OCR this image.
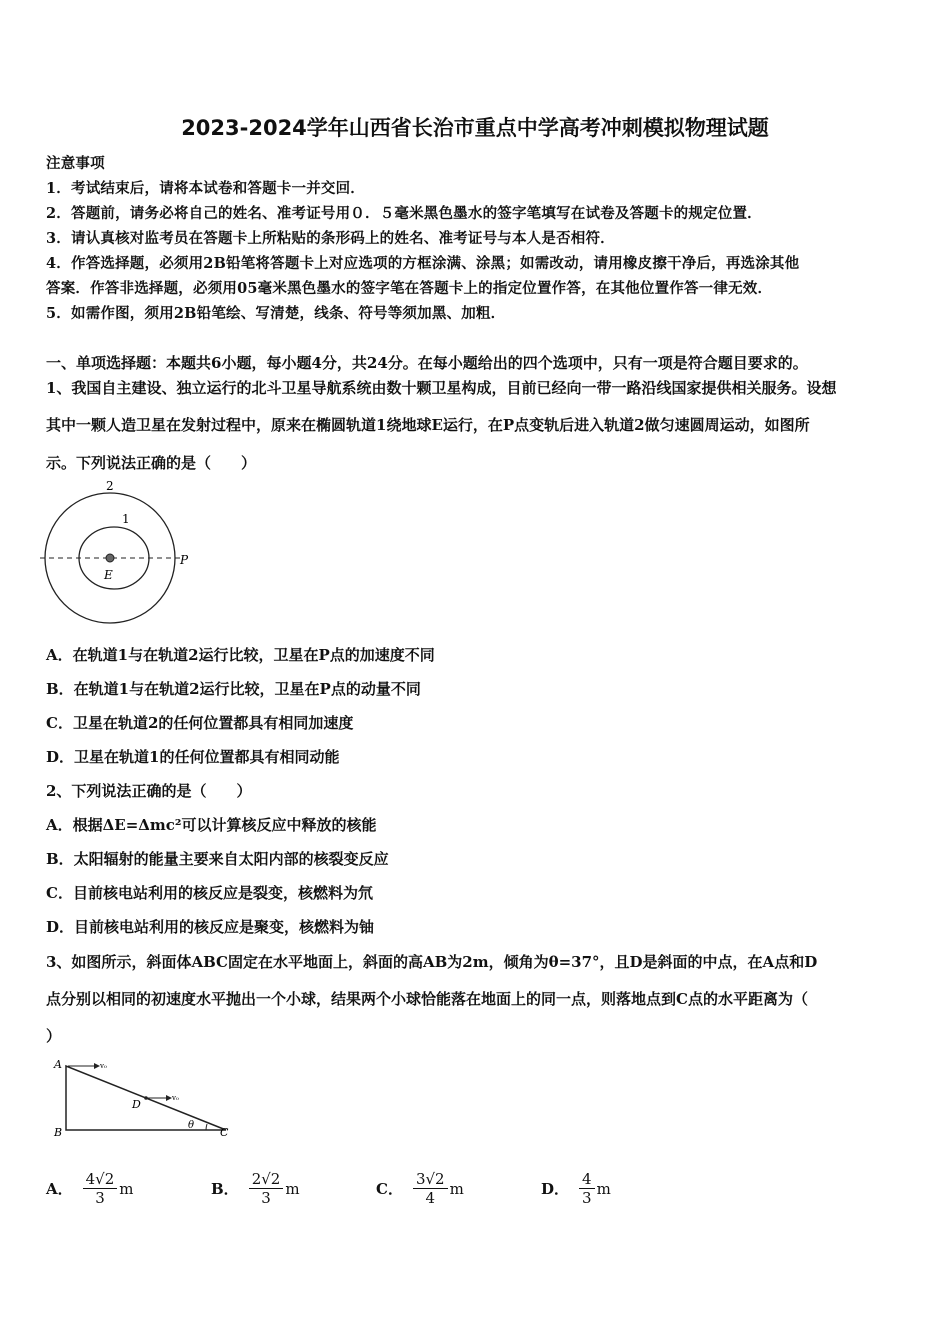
2023-2024学年山西省长治市重点中学高考冲刺模拟物理试题
注意事项
1．考试结束后，请将本试卷和答题卡一并交回．
2．答题前，请务必将自己的姓名、准考证号用０．５毫米黑色墨水的签字笔填写在试卷及答题卡的规定位置．
3．请认真核对监考员在答题卡上所粘贴的条形码上的姓名、准考证号与本人是否相符．
4．作答选择题，必须用2B铅笔将答题卡上对应选项的方框涂满、涂黑；如需改动，请用橡皮擦干净后，再选涂其他
答案．作答非选择题，必须用05毫米黑色墨水的签字笔在答题卡上的指定位置作答，在其他位置作答一律无效．
5．如需作图，须用2B铅笔绘、写清楚，线条、符号等须加黑、加粗．
一、单项选择题：本题共6小题，每小题4分，共24分。在每小题给出的四个选项中，只有一项是符合题目要求的。
1、我国自主建设、独立运行的北斗卫星导航系统由数十颗卫星构成，目前已经向一带一路沿线国家提供相关服务。设想
其中一颗人造卫星在发射过程中，原来在椭圆轨道1绕地球E运行，在P点变轨后进入轨道2做匀速圆周运动，如图所
示。下列说法正确的是（　　）
2
1
E
P
A．在轨道1与在轨道2运行比较，卫星在P点的加速度不同
B．在轨道1与在轨道2运行比较，卫星在P点的动量不同
C．卫星在轨道2的任何位置都具有相同加速度
D．卫星在轨道1的任何位置都具有相同动能
2、下列说法正确的是（　　）
A．根据ΔE=Δmc²可以计算核反应中释放的核能
B．太阳辐射的能量主要来自太阳内部的核裂变反应
C．目前核电站利用的核反应是裂变，核燃料为氘
D．目前核电站利用的核反应是聚变，核燃料为铀
3、如图所示，斜面体ABC固定在水平地面上，斜面的高AB为2m，倾角为θ=37°，且D是斜面的中点，在A点和D
点分别以相同的初速度水平抛出一个小球，结果两个小球恰能落在地面上的同一点，则落地点到C点的水平距离为（
）
A
B	C
D
θ
v₀
v₀
A． $\frac{4√2}{3}$ m	B． $\frac{2√2}{3}$ m	C． $\frac{3√2}{4}$ m	D． $\frac{4}{3}$ m
